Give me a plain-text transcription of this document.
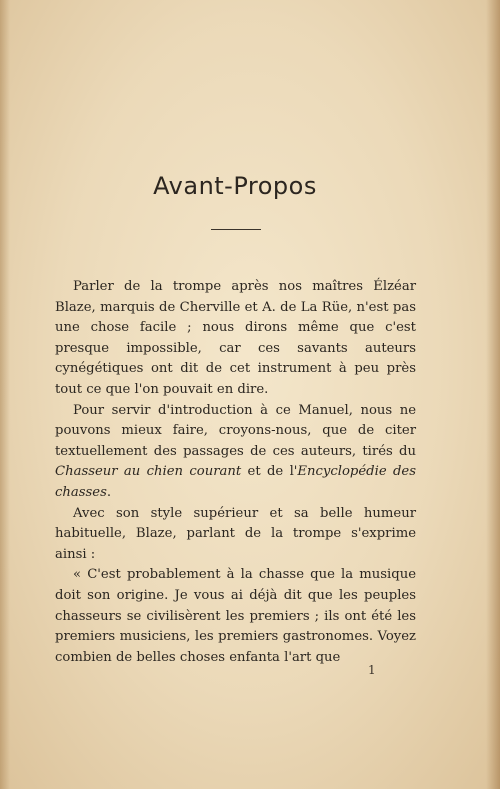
Avant-Propos

Parler de la trompe après nos maîtres Élzéar Blaze, marquis de Cherville et A. de La Rüe, n'est pas une chose facile ; nous dirons même que c'est presque impossible, car ces savants auteurs cynégétiques ont dit de cet instrument à peu près tout ce que l'on pouvait en dire.

Pour servir d'introduction à ce Manuel, nous ne pouvons mieux faire, croyons-nous, que de citer textuellement des passages de ces auteurs, tirés du Chasseur au chien courant et de l'Encyclopédie des chasses.

Avec son style supérieur et sa belle humeur habituelle, Blaze, parlant de la trompe s'exprime ainsi :

« C'est probablement à la chasse que la musique doit son origine. Je vous ai déjà dit que les peuples chasseurs se civilisèrent les premiers ; ils ont été les premiers musiciens, les premiers gastronomes. Voyez combien de belles choses enfanta l'art que

1
